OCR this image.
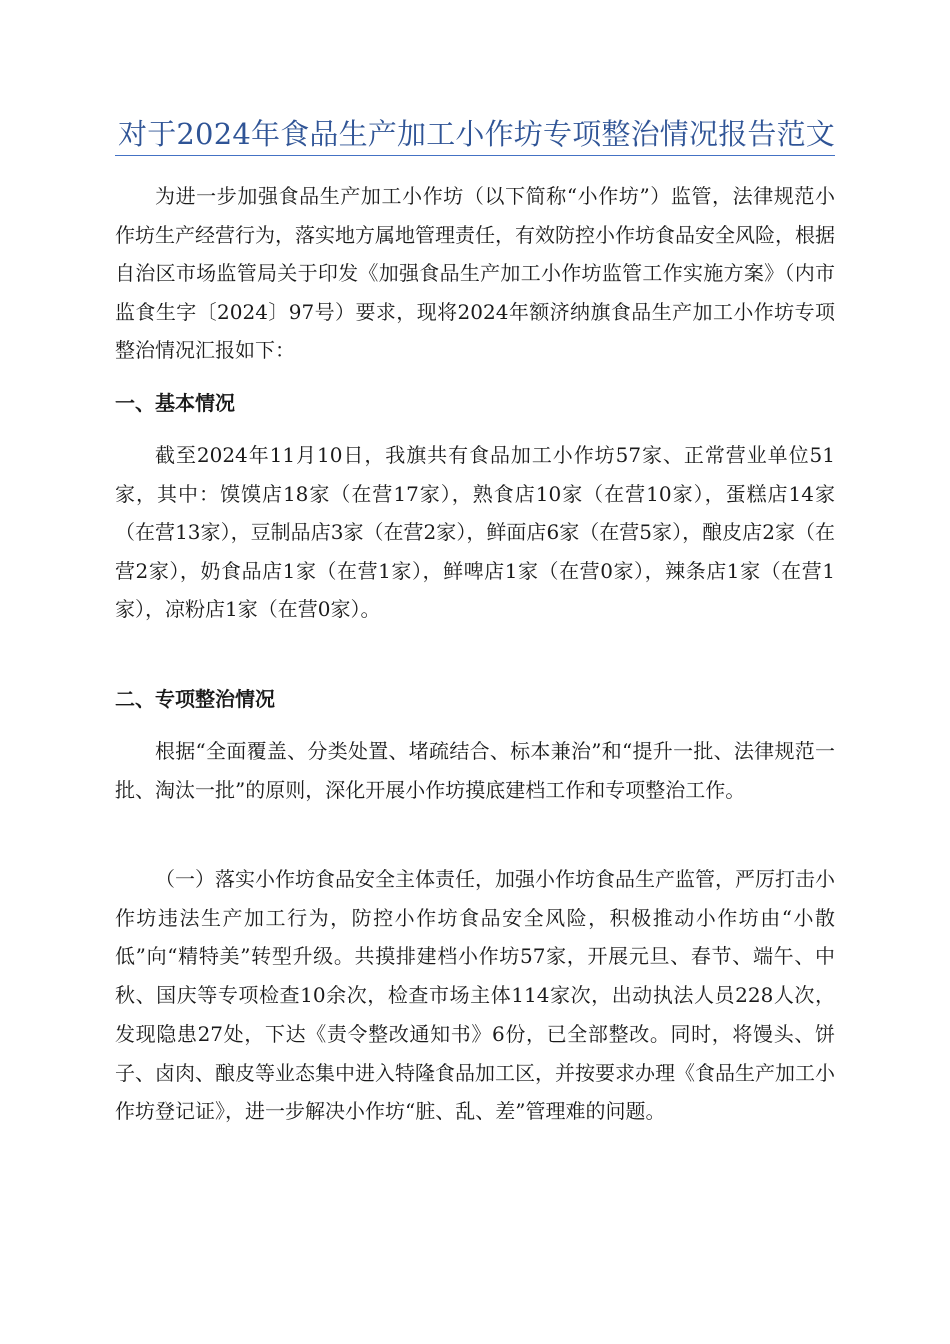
对于2024年食品生产加工小作坊专项整治情况报告范文

为进一步加强食品生产加工小作坊（以下简称“小作坊”）监管，法律规范小作坊生产经营行为，落实地方属地管理责任，有效防控小作坊食品安全风险，根据自治区市场监管局关于印发《加强食品生产加工小作坊监管工作实施方案》（内市监食生字〔2024〕97号）要求，现将2024年额济纳旗食品生产加工小作坊专项整治情况汇报如下：

一、基本情况

截至2024年11月10日，我旗共有食品加工小作坊57家、正常营业单位51家，其中：馍馍店18家（在营17家），熟食店10家（在营10家），蛋糕店14家（在营13家），豆制品店3家（在营2家），鲜面店6家（在营5家），酿皮店2家（在营2家），奶食品店1家（在营1家），鲜啤店1家（在营0家），辣条店1家（在营1家），凉粉店1家（在营0家）。

二、专项整治情况

根据“全面覆盖、分类处置、堵疏结合、标本兼治”和“提升一批、法律规范一批、淘汰一批”的原则，深化开展小作坊摸底建档工作和专项整治工作。

（一）落实小作坊食品安全主体责任，加强小作坊食品生产监管，严厉打击小作坊违法生产加工行为，防控小作坊食品安全风险，积极推动小作坊由“小散低”向“精特美”转型升级。共摸排建档小作坊57家，开展元旦、春节、端午、中秋、国庆等专项检查10余次，检查市场主体114家次，出动执法人员228人次，发现隐患27处，下达《责令整改通知书》6份，已全部整改。同时，将馒头、饼子、卤肉、酿皮等业态集中进入特隆食品加工区，并按要求办理《食品生产加工小作坊登记证》，进一步解决小作坊“脏、乱、差”管理难的问题。
